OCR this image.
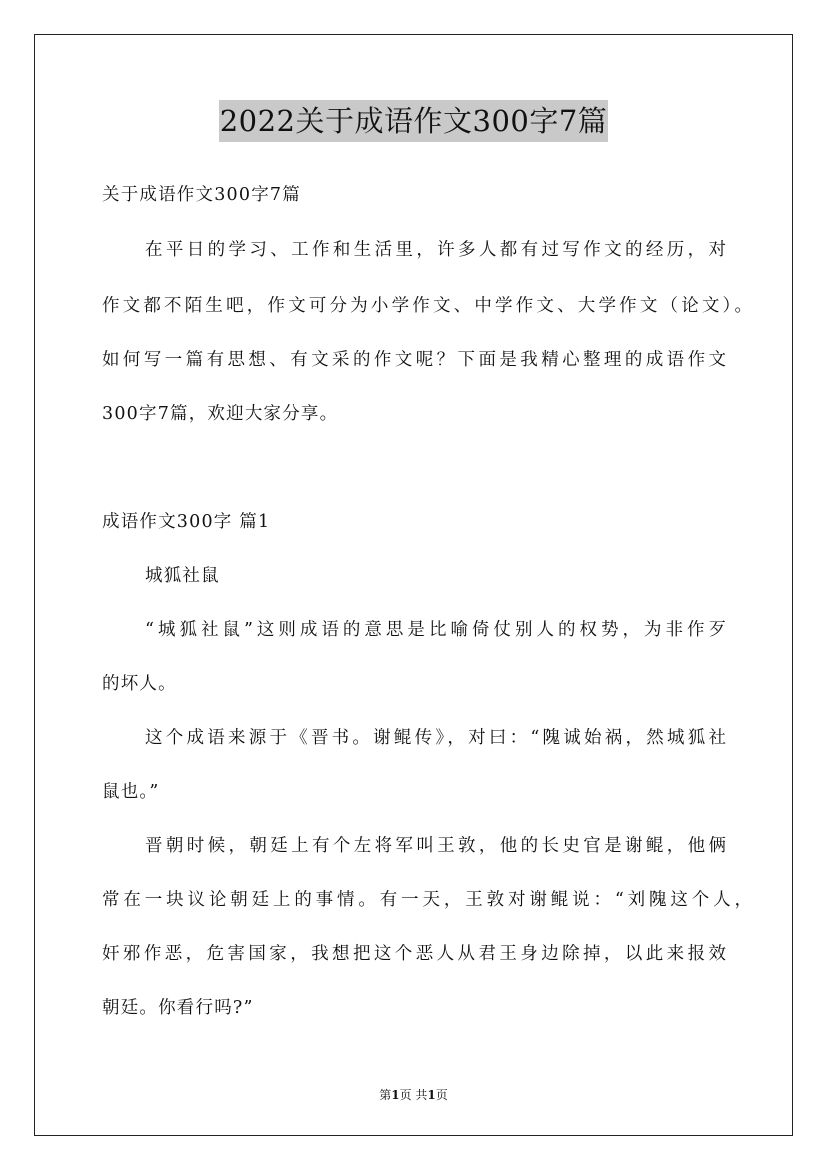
2022关于成语作文300字7篇
关于成语作文300字7篇
在平日的学习、工作和生活里，许多人都有过写作文的经历，对
作文都不陌生吧，作文可分为小学作文、中学作文、大学作文（论文）。
如何写一篇有思想、有文采的作文呢？下面是我精心整理的成语作文
300字7篇，欢迎大家分享。
成语作文300字 篇1
城狐社鼠
“城狐社鼠”这则成语的意思是比喻倚仗别人的权势，为非作歹
的坏人。
这个成语来源于《晋书。谢鲲传》，对曰：“隗诚始祸，然城狐社
鼠也。”
晋朝时候，朝廷上有个左将军叫王敦，他的长史官是谢鲲，他俩
常在一块议论朝廷上的事情。有一天，王敦对谢鲲说：“刘隗这个人，
奸邪作恶，危害国家，我想把这个恶人从君王身边除掉，以此来报效
朝廷。你看行吗?”
第1页 共1页
